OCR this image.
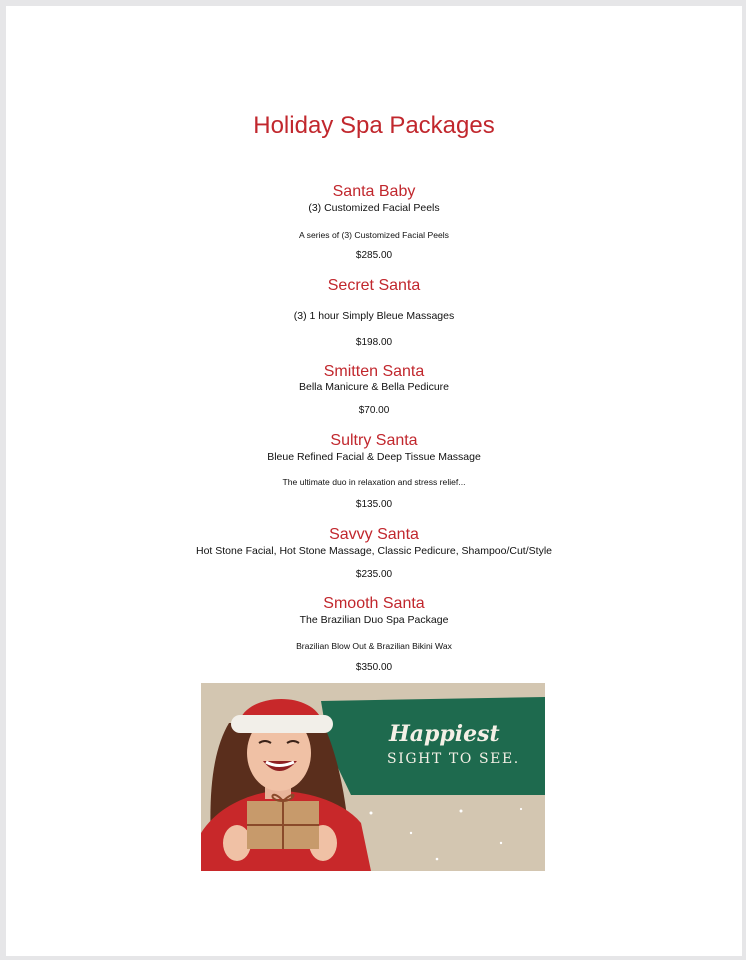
Holiday Spa Packages
Santa Baby
(3) Customized Facial Peels
A series of (3) Customized Facial Peels
$285.00
Secret Santa
(3) 1 hour Simply Bleue Massages
$198.00
Smitten Santa
Bella Manicure & Bella Pedicure
$70.00
Sultry Santa
Bleue Refined Facial & Deep Tissue Massage
The ultimate duo in relaxation and stress relief...
$135.00
Savvy Santa
Hot Stone Facial, Hot Stone Massage, Classic Pedicure, Shampoo/Cut/Style
$235.00
Smooth Santa
The Brazilian Duo Spa Package
Brazilian Blow Out & Brazilian Bikini Wax
$350.00
Happiest
SIGHT TO SEE.
